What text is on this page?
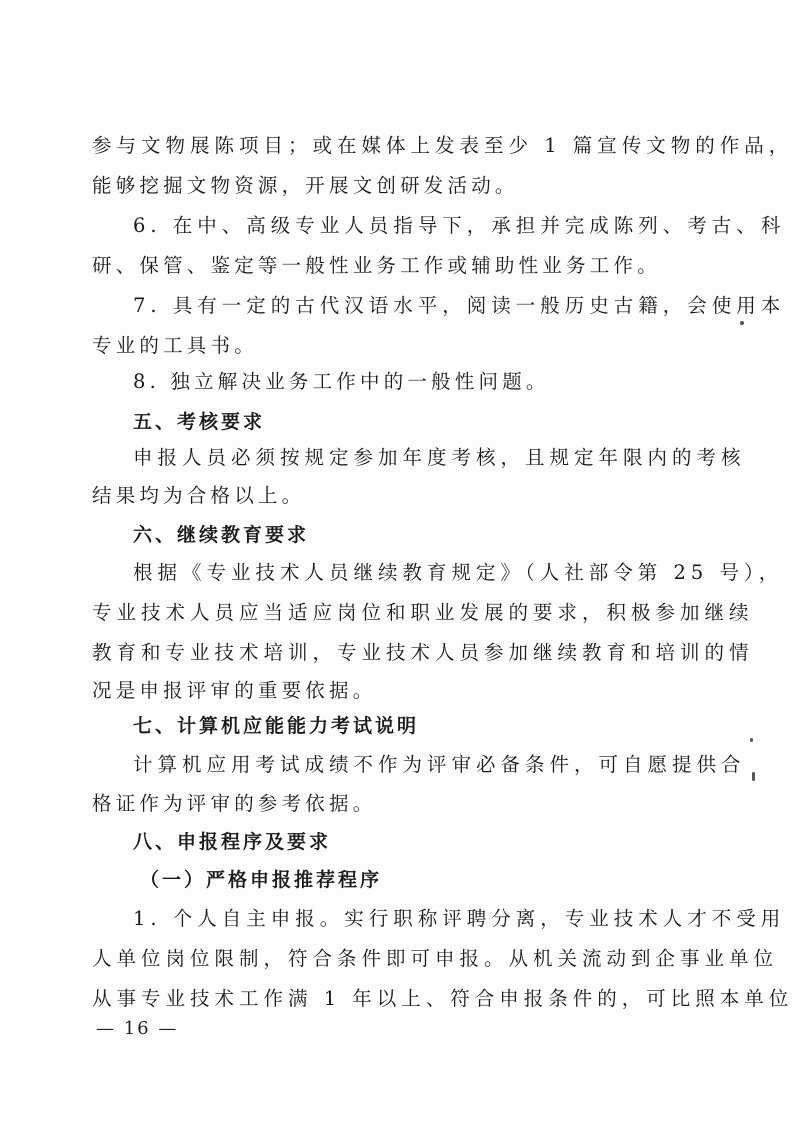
参与文物展陈项目；或在媒体上发表至少 1 篇宣传文物的作品，
能够挖掘文物资源，开展文创研发活动。
6. 在中、高级专业人员指导下，承担并完成陈列、考古、科
研、保管、鉴定等一般性业务工作或辅助性业务工作。
7. 具有一定的古代汉语水平，阅读一般历史古籍，会使用本
专业的工具书。
8. 独立解决业务工作中的一般性问题。
五、考核要求
申报人员必须按规定参加年度考核，且规定年限内的考核
结果均为合格以上。
六、继续教育要求
根据《专业技术人员继续教育规定》（人社部令第 25 号），
专业技术人员应当适应岗位和职业发展的要求，积极参加继续
教育和专业技术培训，专业技术人员参加继续教育和培训的情
况是申报评审的重要依据。
七、计算机应能能力考试说明
计算机应用考试成绩不作为评审必备条件，可自愿提供合
格证作为评审的参考依据。
八、申报程序及要求
（一）严格申报推荐程序
1. 个人自主申报。实行职称评聘分离，专业技术人才不受用
人单位岗位限制，符合条件即可申报。从机关流动到企事业单位
从事专业技术工作满 1 年以上、符合申报条件的，可比照本单位
— 16 —
